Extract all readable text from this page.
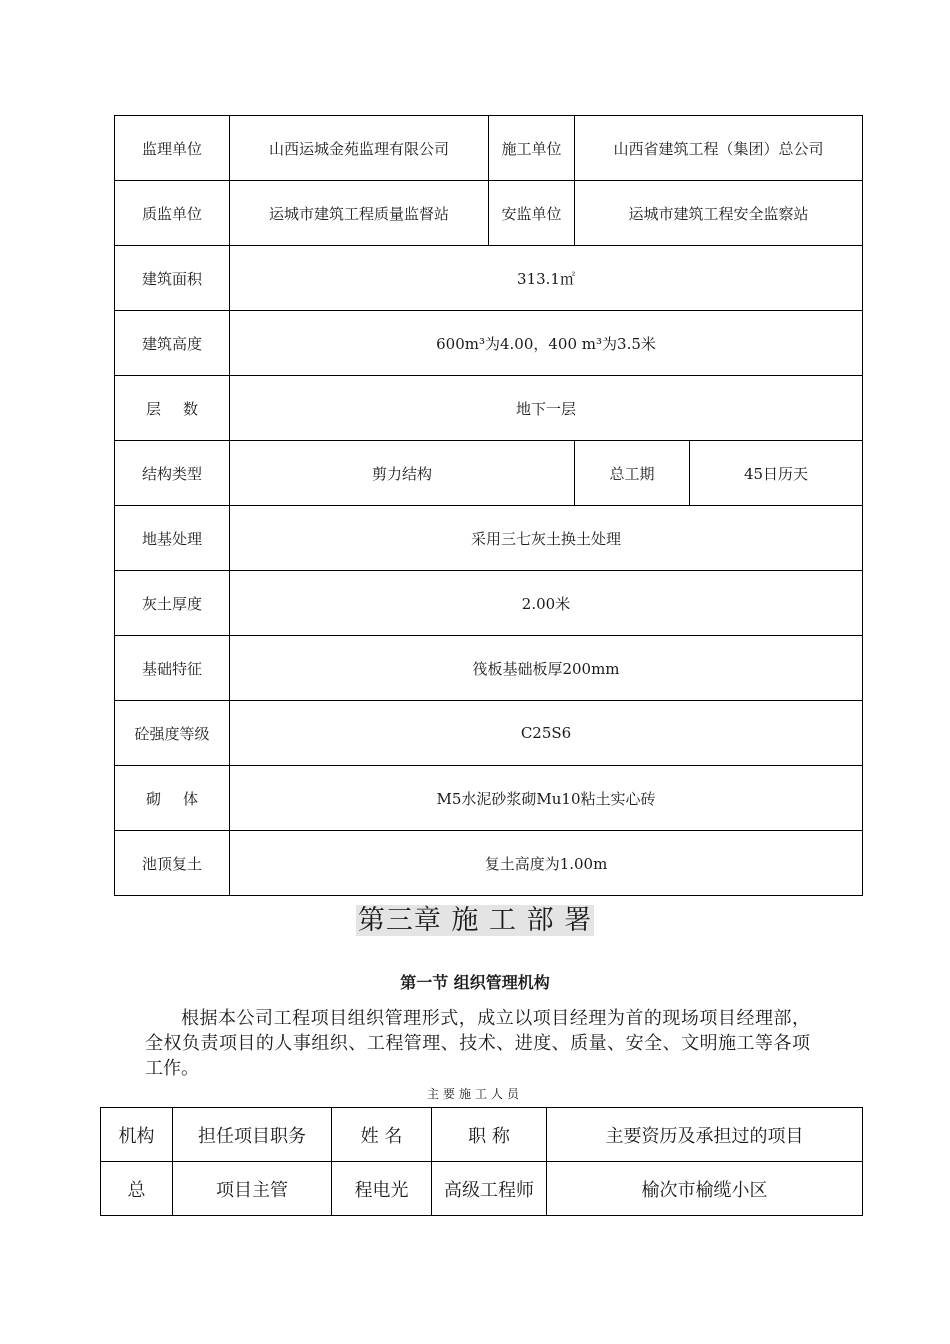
监理单位	山西运城金苑监理有限公司	施工单位	山西省建筑工程（集团）总公司
质监单位	运城市建筑工程质量监督站	安监单位	运城市建筑工程安全监察站
建筑面积	313.1㎡		
建筑高度	600m³为4.00，400 m³为3.5米		
层数	地下一层		
结构类型	剪力结构		总工期 45日历天

地基处理	采用三七灰土换土处理		
灰土厚度	2.00米		
基础特征	筏板基础板厚200mm		
砼强度等级	C25S6		
砌体	M5水泥砂浆砌Mu10粘土实心砖		
池顶复土	复土高度为1.00m		
第三章 施 工 部 署
第一节 组织管理机构

根据本公司工程项目组织管理形式，成立以项目经理为首的现场项目经理部，全权负责项目的人事组织、工程管理、技术、进度、质量、安全、文明施工等各项工作。

主要施工人员
机构	担任项目职务	姓 名	职 称	主要资历及承担过的项目
总	项目主管	程电光	高级工程师	榆次市榆缆小区
